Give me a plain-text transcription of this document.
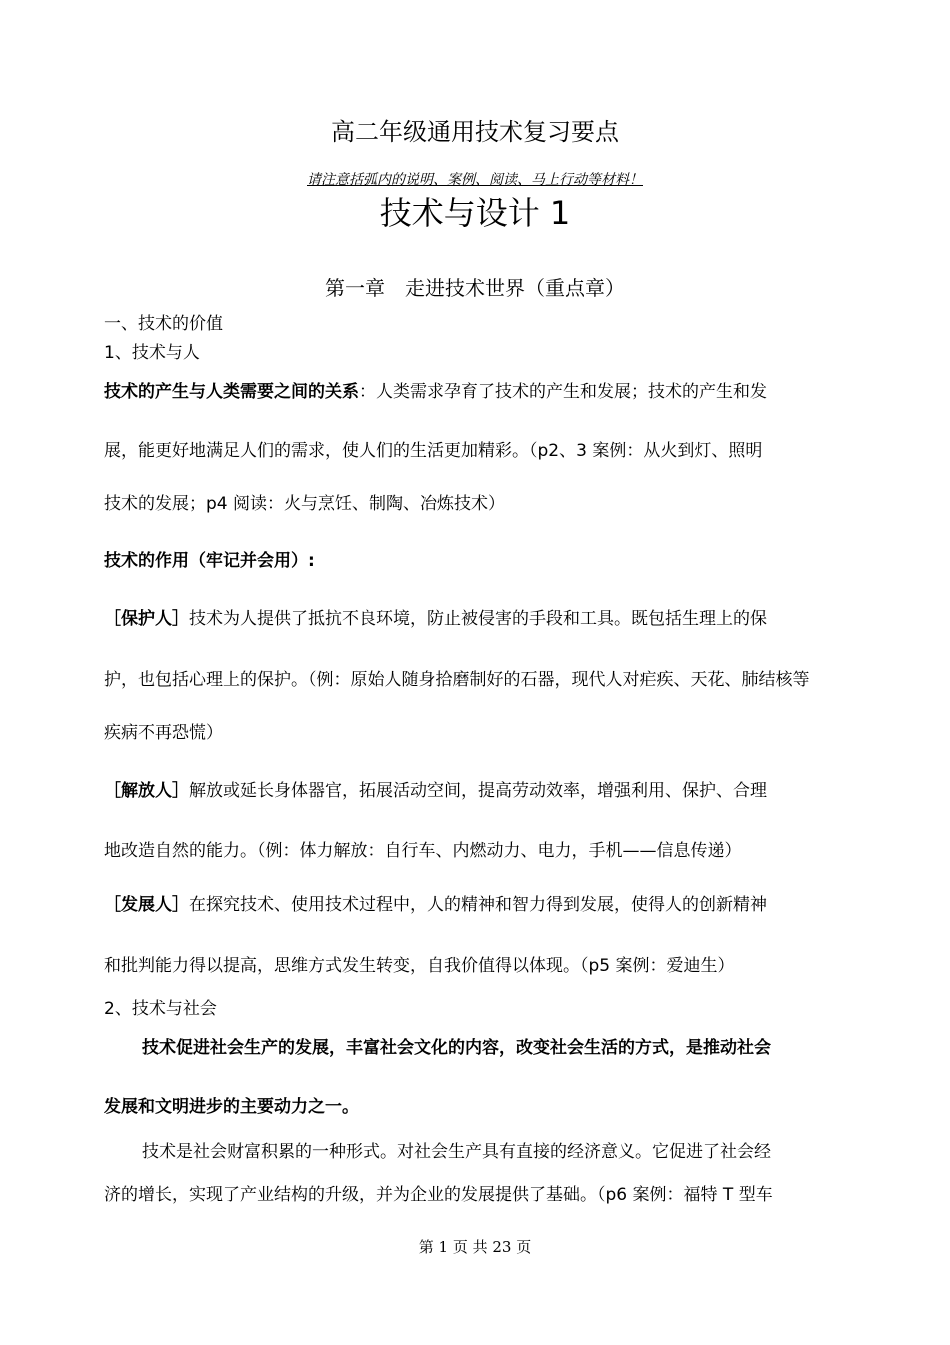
高二年级通用技术复习要点
请注意括弧内的说明、案例、阅读、马上行动等材料！
技术与设计 1
第一章　走进技术世界（重点章）
一、技术的价值
1、技术与人
技术的产生与人类需要之间的关系：人类需求孕育了技术的产生和发展；技术的产生和发
展，能更好地满足人们的需求，使人们的生活更加精彩。（p2、3 案例：从火到灯、照明
技术的发展；p4 阅读：火与烹饪、制陶、冶炼技术）
技术的作用（牢记并会用）:
［保护人］技术为人提供了抵抗不良环境，防止被侵害的手段和工具。既包括生理上的保
护，也包括心理上的保护。（例：原始人随身拾磨制好的石器，现代人对疟疾、天花、肺结核等
疾病不再恐慌）
［解放人］解放或延长身体器官，拓展活动空间，提高劳动效率，增强利用、保护、合理
地改造自然的能力。（例：体力解放：自行车、内燃动力、电力，手机——信息传递）
［发展人］在探究技术、使用技术过程中，人的精神和智力得到发展，使得人的创新精神
和批判能力得以提高，思维方式发生转变，自我价值得以体现。（p5 案例：爱迪生）
2、技术与社会
技术促进社会生产的发展，丰富社会文化的内容，改变社会生活的方式，是推动社会
发展和文明进步的主要动力之一。
技术是社会财富积累的一种形式。对社会生产具有直接的经济意义。它促进了社会经
济的增长，实现了产业结构的升级，并为企业的发展提供了基础。（p6 案例：福特 T 型车
第 1 页 共 23 页
